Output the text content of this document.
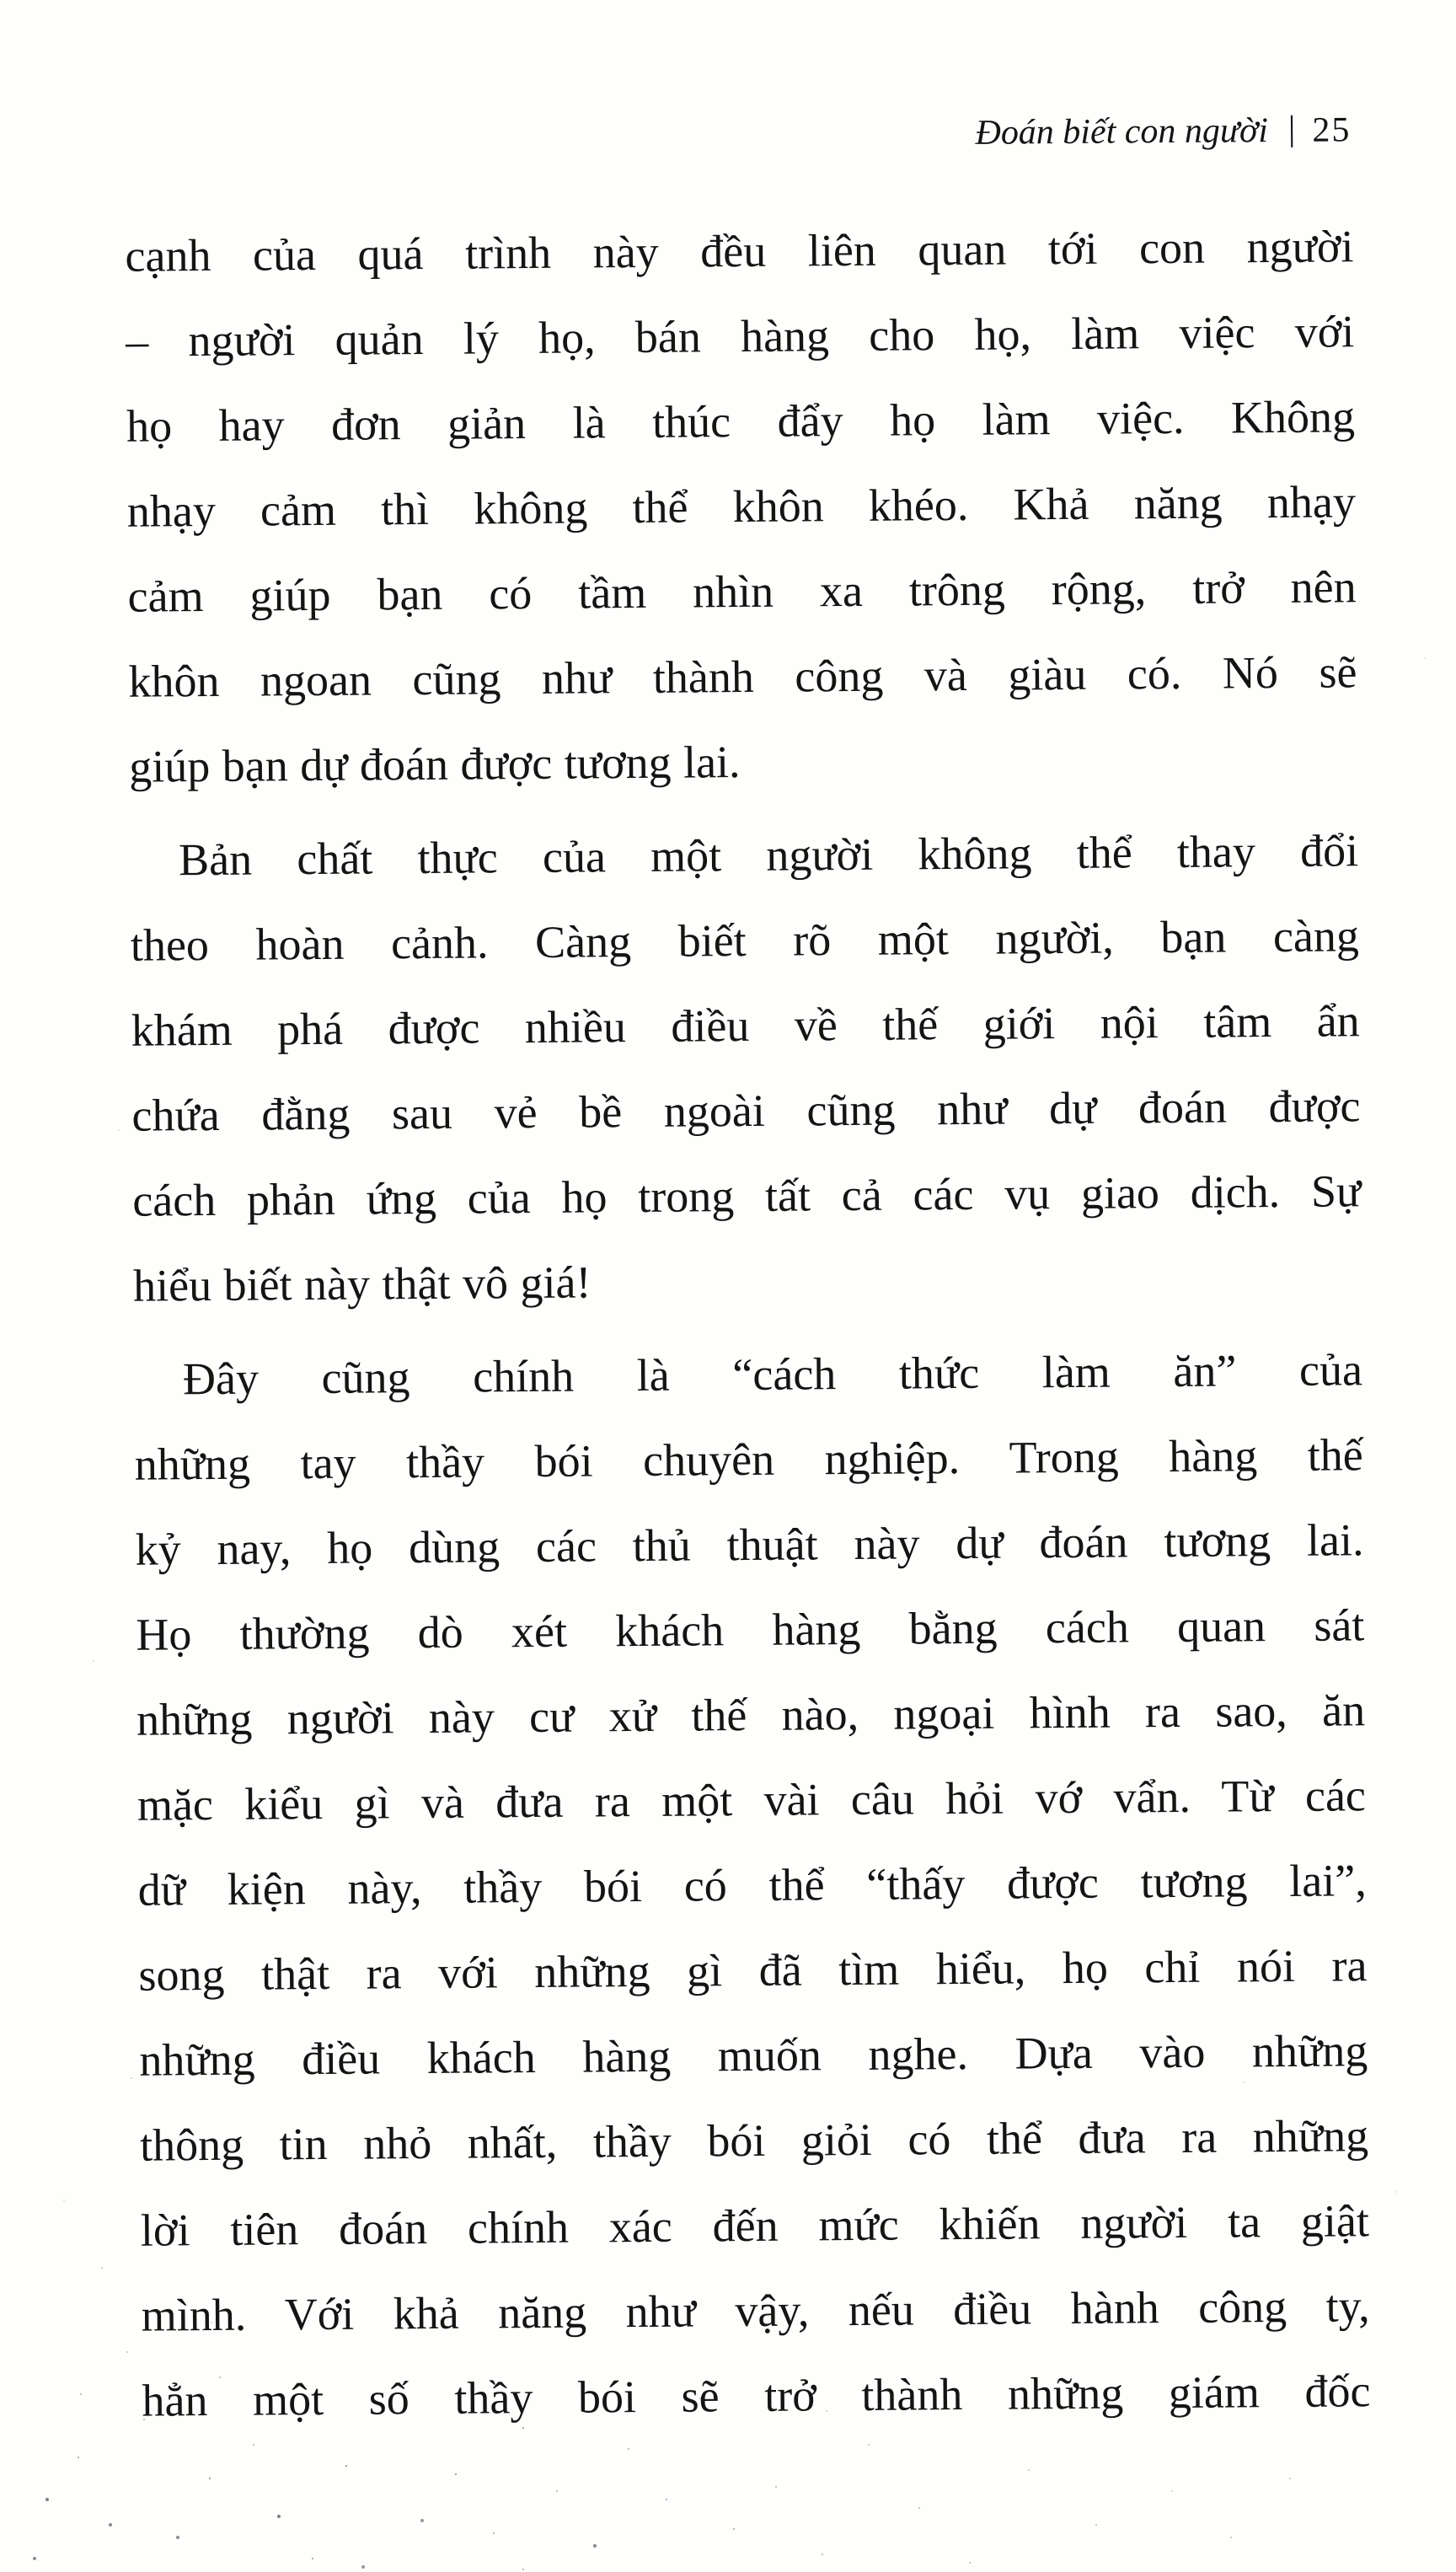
Đoán biết con người | 25
cạnh của quá trình này đều liên quan tới con người
– người quản lý họ, bán hàng cho họ, làm việc với
họ hay đơn giản là thúc đẩy họ làm việc. Không
nhạy cảm thì không thể khôn khéo. Khả năng nhạy
cảm giúp bạn có tầm nhìn xa trông rộng, trở nên
khôn ngoan cũng như thành công và giàu có. Nó sẽ
giúp bạn dự đoán được tương lai.
Bản chất thực của một người không thể thay đổi
theo hoàn cảnh. Càng biết rõ một người, bạn càng
khám phá được nhiều điều về thế giới nội tâm ẩn
chứa đằng sau vẻ bề ngoài cũng như dự đoán được
cách phản ứng của họ trong tất cả các vụ giao dịch. Sự
hiểu biết này thật vô giá!
Đây cũng chính là “cách thức làm ăn” của
những tay thầy bói chuyên nghiệp. Trong hàng thế
kỷ nay, họ dùng các thủ thuật này dự đoán tương lai.
Họ thường dò xét khách hàng bằng cách quan sát
những người này cư xử thế nào, ngoại hình ra sao, ăn
mặc kiểu gì và đưa ra một vài câu hỏi vớ vẩn. Từ các
dữ kiện này, thầy bói có thể “thấy được tương lai”,
song thật ra với những gì đã tìm hiểu, họ chỉ nói ra
những điều khách hàng muốn nghe. Dựa vào những
thông tin nhỏ nhất, thầy bói giỏi có thể đưa ra những
lời tiên đoán chính xác đến mức khiến người ta giật
mình. Với khả năng như vậy, nếu điều hành công ty,
hẳn một số thầy bói sẽ trở thành những giám đốc
